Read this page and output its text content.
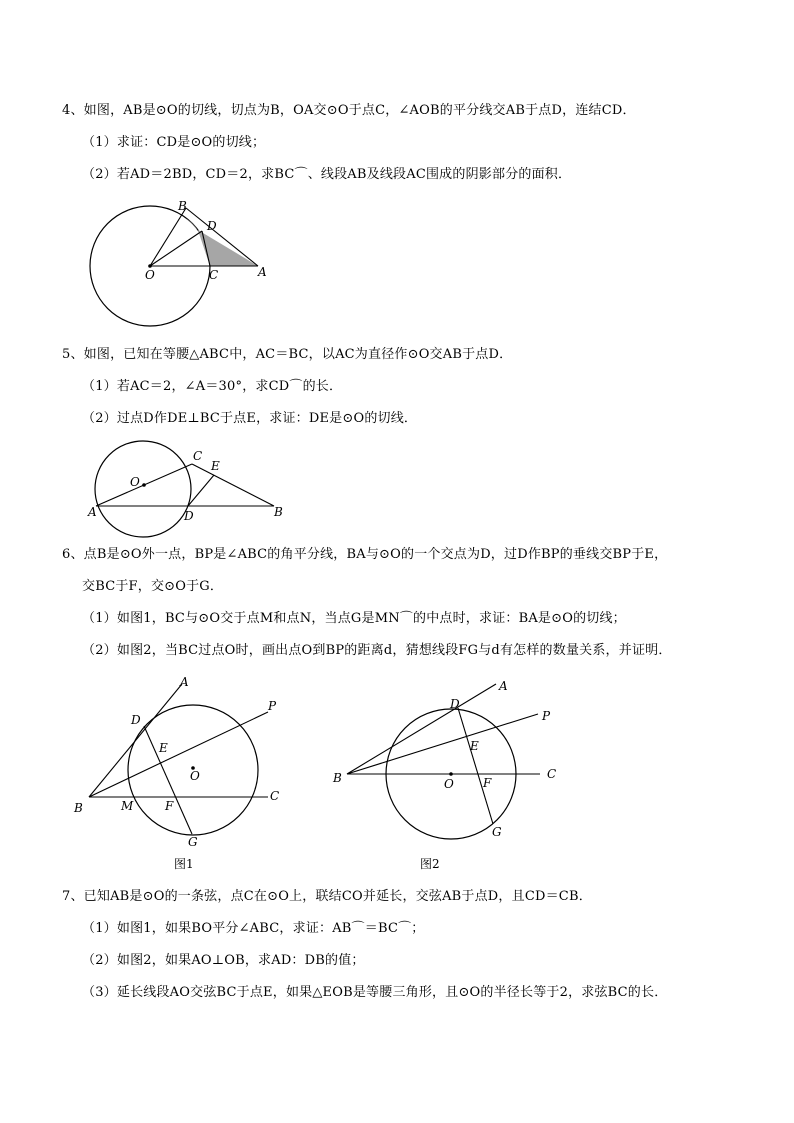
4、如图，AB是⊙O的切线，切点为B，OA交⊙O于点C，∠AOB的平分线交AB于点D，连结CD．
（1）求证：CD是⊙O的切线；
（2）若AD＝2BD，CD＝2，求BC⌒、线段AB及线段AC围成的阴影部分的面积．
B
D
O	C	A
5、如图，已知在等腰△ABC中，AC＝BC，以AC为直径作⊙O交AB于点D．
（1）若AC＝2，∠A＝30°，求CD⌒的长．
（2）过点D作DE⊥BC于点E，求证：DE是⊙O的切线．
C
E
O
A	D	B
6、点B是⊙O外一点，BP是∠ABC的角平分线，BA与⊙O的一个交点为D，过D作BP的垂线交BP于E，
交BC于F，交⊙O于G．
（1）如图1，BC与⊙O交于点M和点N，当点G是MN⌒的中点时，求证：BA是⊙O的切线；
（2）如图2，当BC过点O时，画出点O到BP的距离d，猜想线段FG与d有怎样的数量关系，并证明．
A
P
D
E
O
B	M	F
C
G
图1
D
A
P
E
B	O F
C
G
图2
7、已知AB是⊙O的一条弦，点C在⊙O上，联结CO并延长，交弦AB于点D，且CD＝CB．
（1）如图1，如果BO平分∠ABC，求证：AB⌒＝BC⌒；
（2）如图2，如果AO⊥OB，求AD：DB的值；
（3）延长线段AO交弦BC于点E，如果△EOB是等腰三角形，且⊙O的半径长等于2，求弦BC的长．
